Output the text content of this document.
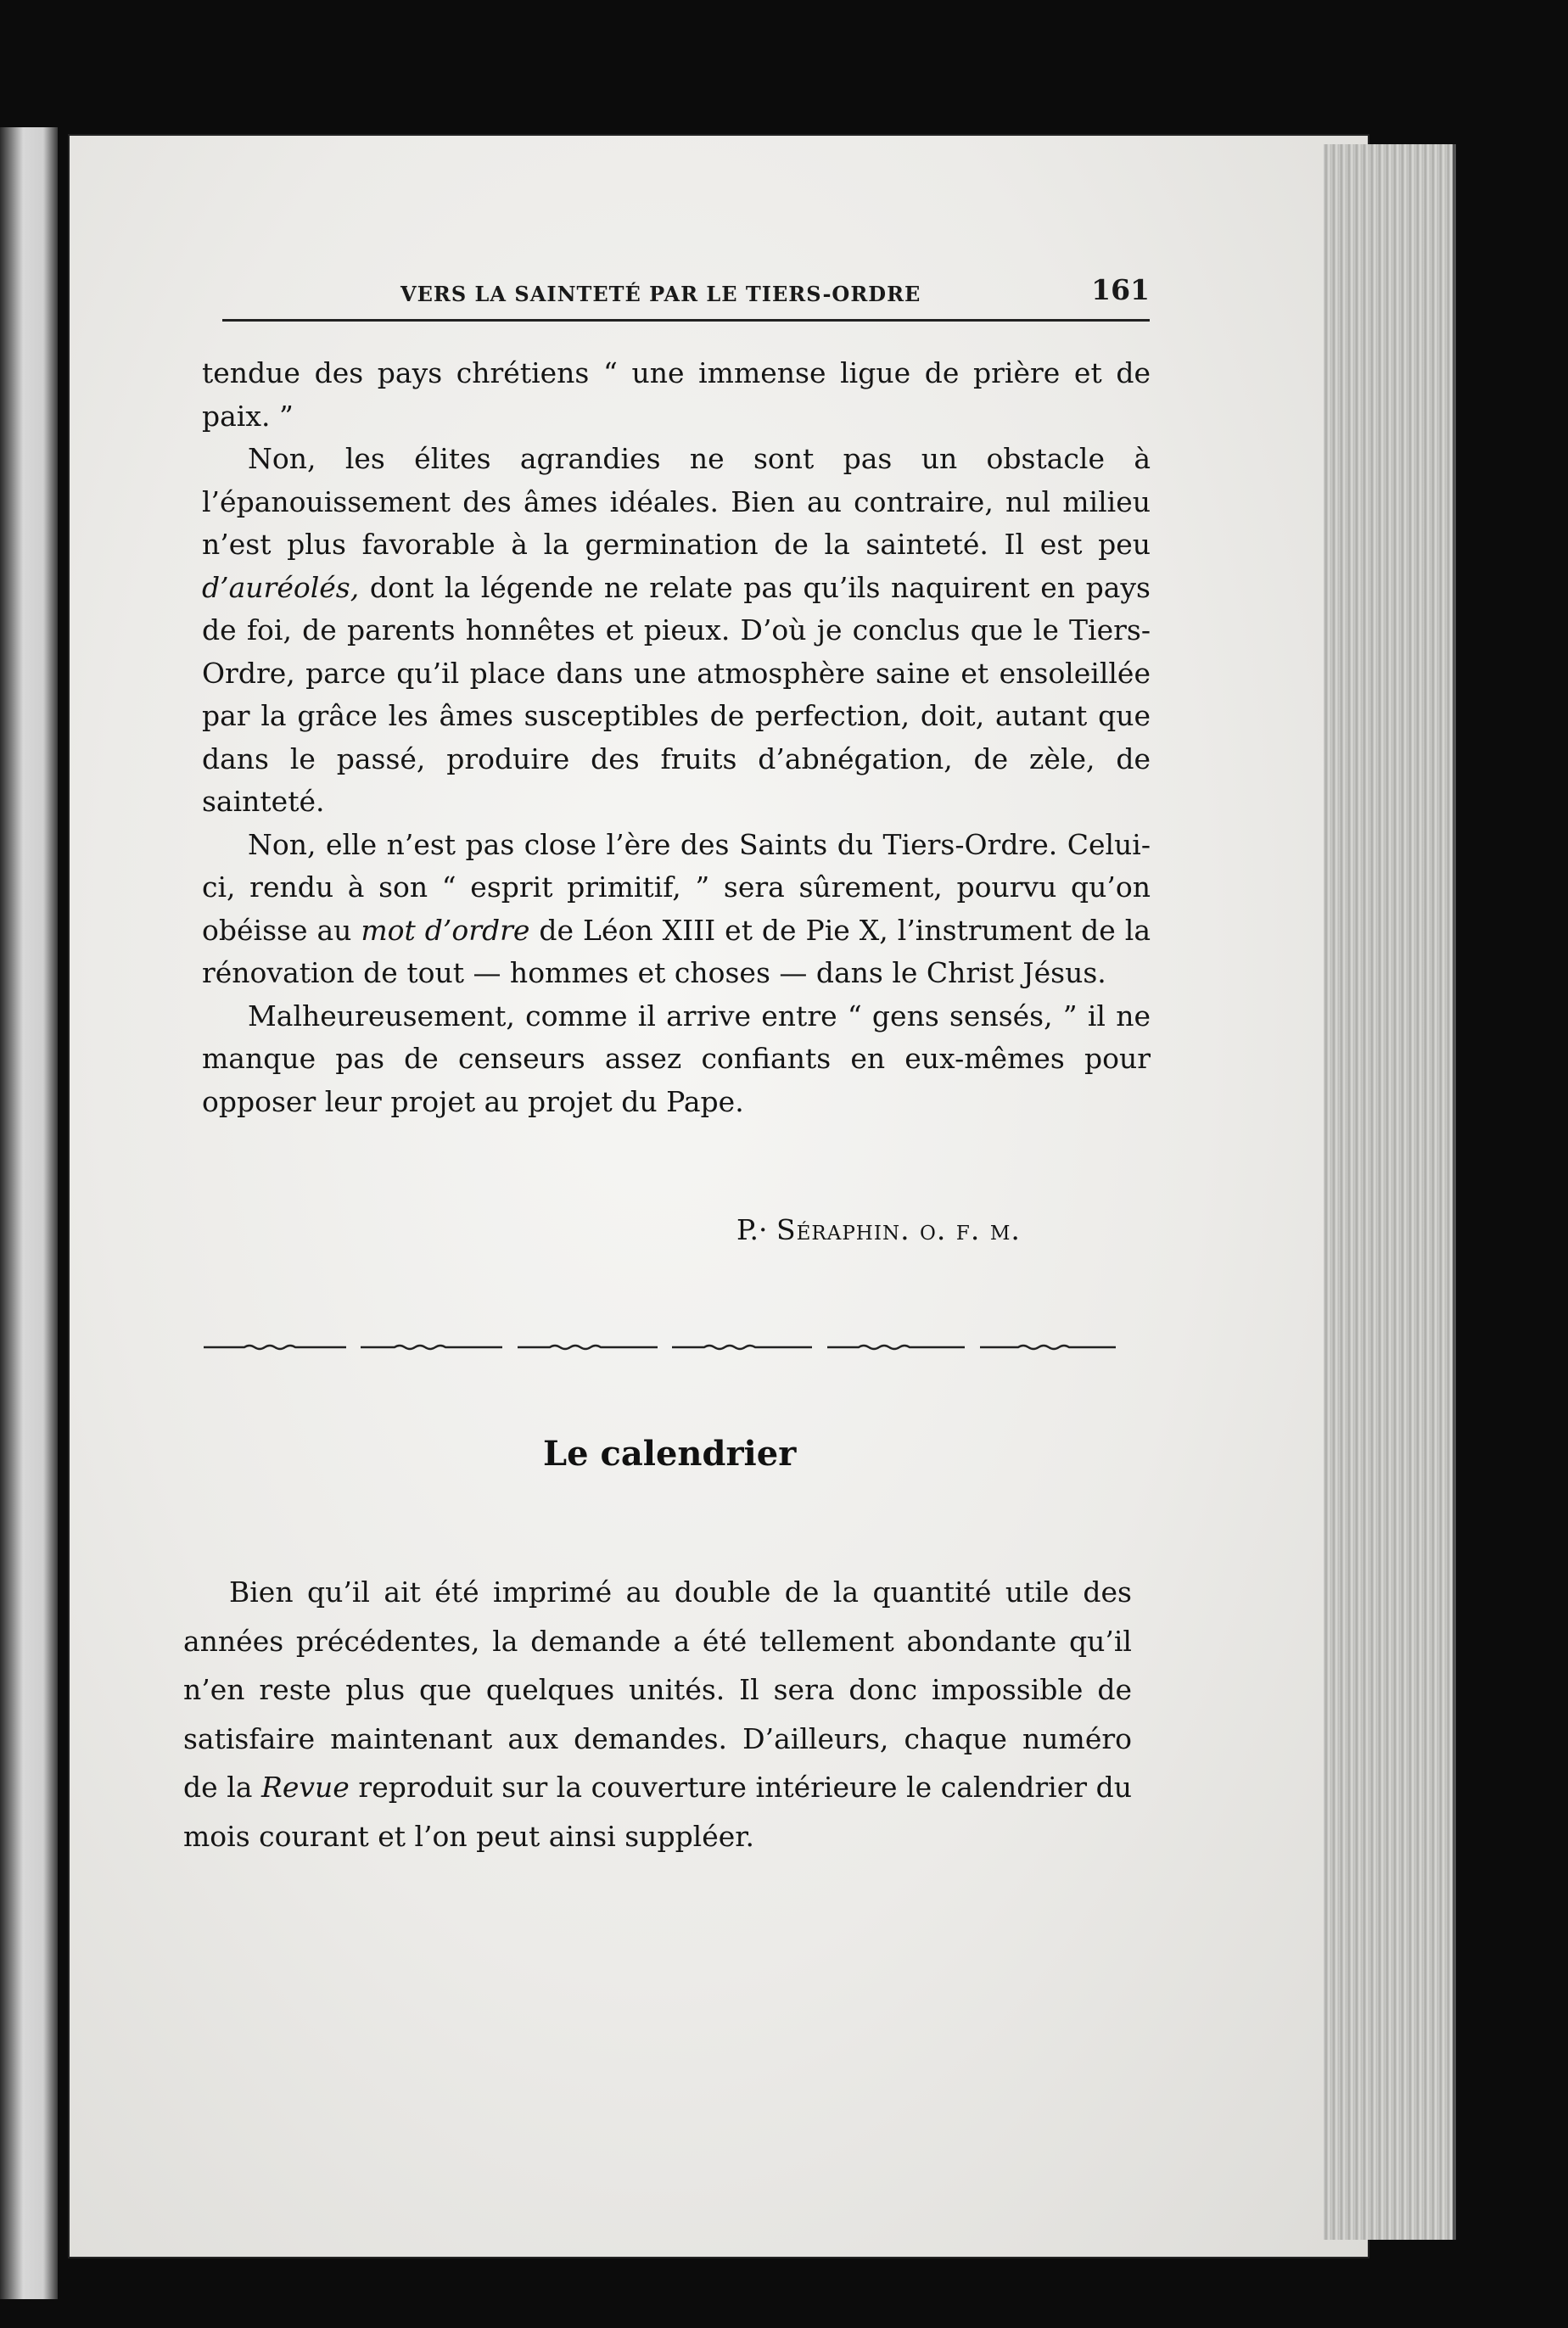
VERS LA SAINTETÉ PAR LE TIERS-ORDRE	161

tendue des pays chrétiens “ une immense ligue de prière et de paix. ”

Non, les élites agrandies ne sont pas un obstacle à l’épanouissement des âmes idéales. Bien au contraire, nul milieu n’est plus favorable à la germination de la sainteté. Il est peu d’auréolés, dont la légende ne relate pas qu’ils naquirent en pays de foi, de parents honnêtes et pieux. D’où je conclus que le Tiers-Ordre, parce qu’il place dans une atmosphère saine et ensoleillée par la grâce les âmes susceptibles de perfection, doit, autant que dans le passé, produire des fruits d’abnégation, de zèle, de sainteté.

Non, elle n’est pas close l’ère des Saints du Tiers-Ordre. Celui-ci, rendu à son “ esprit primitif, ” sera sûrement, pourvu qu’on obéisse au mot d’ordre de Léon XIII et de Pie X, l’instrument de la rénovation de tout — hommes et choses — dans le Christ Jésus.

Malheureusement, comme il arrive entre “ gens sensés, ” il ne manque pas de censeurs assez confiants en eux-mêmes pour opposer leur projet au projet du Pape.

P.· Séraphin. o. f. m.
Le calendrier

Bien qu’il ait été imprimé au double de la quantité utile des années précédentes, la demande a été tellement abondante qu’il n’en reste plus que quelques unités. Il sera donc impossible de satisfaire maintenant aux demandes. D’ailleurs, chaque numéro de la Revue reproduit sur la couverture intérieure le calendrier du mois courant et l’on peut ainsi suppléer.
